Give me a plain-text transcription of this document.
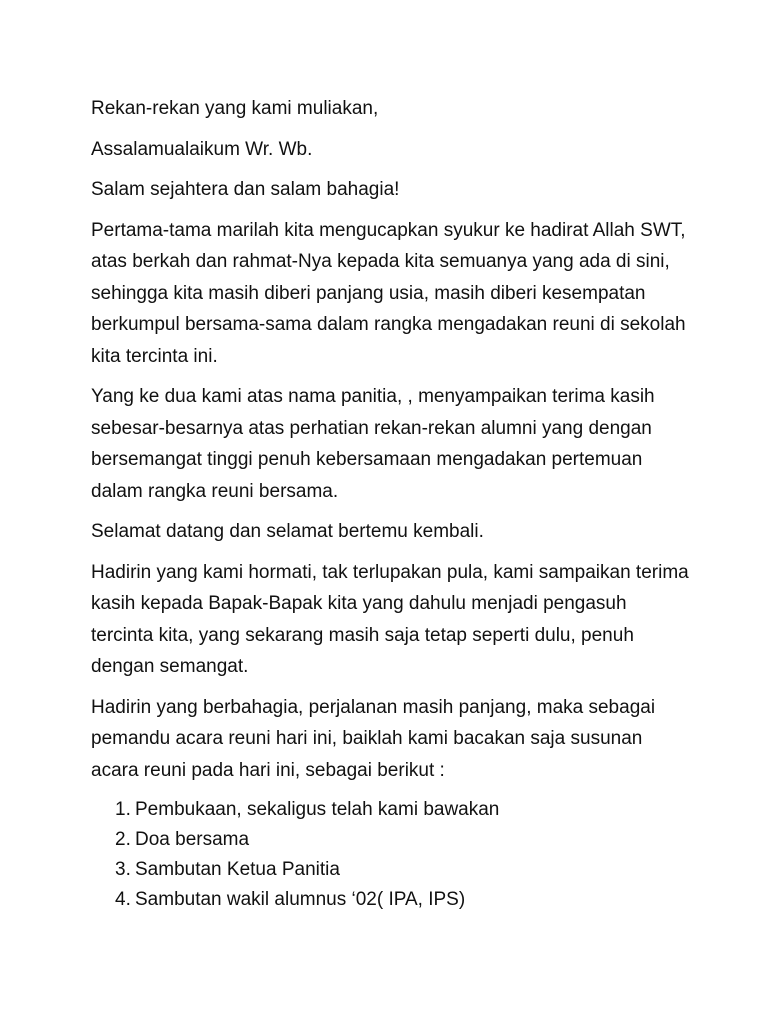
Rekan-rekan yang kami muliakan,

Assalamualaikum Wr. Wb.

Salam sejahtera dan salam bahagia!

Pertama-tama marilah kita mengucapkan syukur ke hadirat Allah SWT, atas berkah dan rahmat-Nya kepada kita semuanya yang ada di sini, sehingga kita masih diberi panjang usia, masih diberi kesempatan berkumpul bersama-sama dalam rangka mengadakan reuni di sekolah kita tercinta ini.

Yang ke dua kami atas nama panitia, , menyampaikan terima kasih sebesar-besarnya atas perhatian rekan-rekan alumni yang dengan bersemangat tinggi penuh kebersamaan mengadakan pertemuan dalam rangka reuni bersama.

Selamat datang dan selamat bertemu kembali.

Hadirin yang kami hormati, tak terlupakan pula, kami sampaikan terima kasih kepada Bapak-Bapak kita yang dahulu menjadi pengasuh tercinta kita, yang sekarang masih saja tetap seperti dulu, penuh dengan semangat.

Hadirin yang berbahagia, perjalanan masih panjang, maka sebagai pemandu acara reuni hari ini, baiklah kami bacakan saja susunan acara reuni pada hari ini, sebagai berikut :

1. Pembukaan, sekaligus telah kami bawakan
2. Doa bersama
3. Sambutan Ketua Panitia
4. Sambutan wakil alumnus ‘02( IPA, IPS)
